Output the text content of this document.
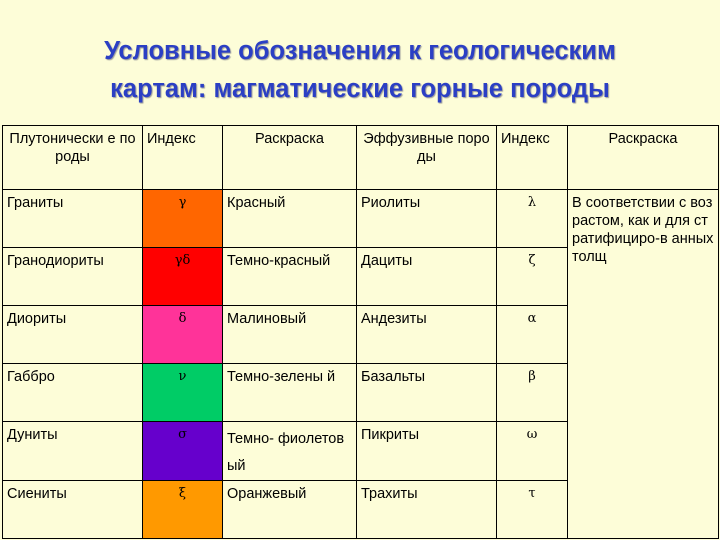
Условные обозначения к геологическим
картам: магматические горные породы
Плутонически е породы	Индекс	Раскраска	Эффузивные породы	Индекс	Раскраска
Граниты	γ	Красный	Риолиты	λ	В соответствии с возрастом, как и для стратифициро-в анных толщ
Гранодиориты	γδ	Темно-красный	Дациты	ζ	
Диориты	δ	Малиновый	Андезиты	α	
Габбро	ν	Темно-зелены й	Базальты	β	
Дуниты	σ	Темно- фиолетовый	Пикриты	ω	
Сиениты	ξ	Оранжевый	Трахиты	τ	
